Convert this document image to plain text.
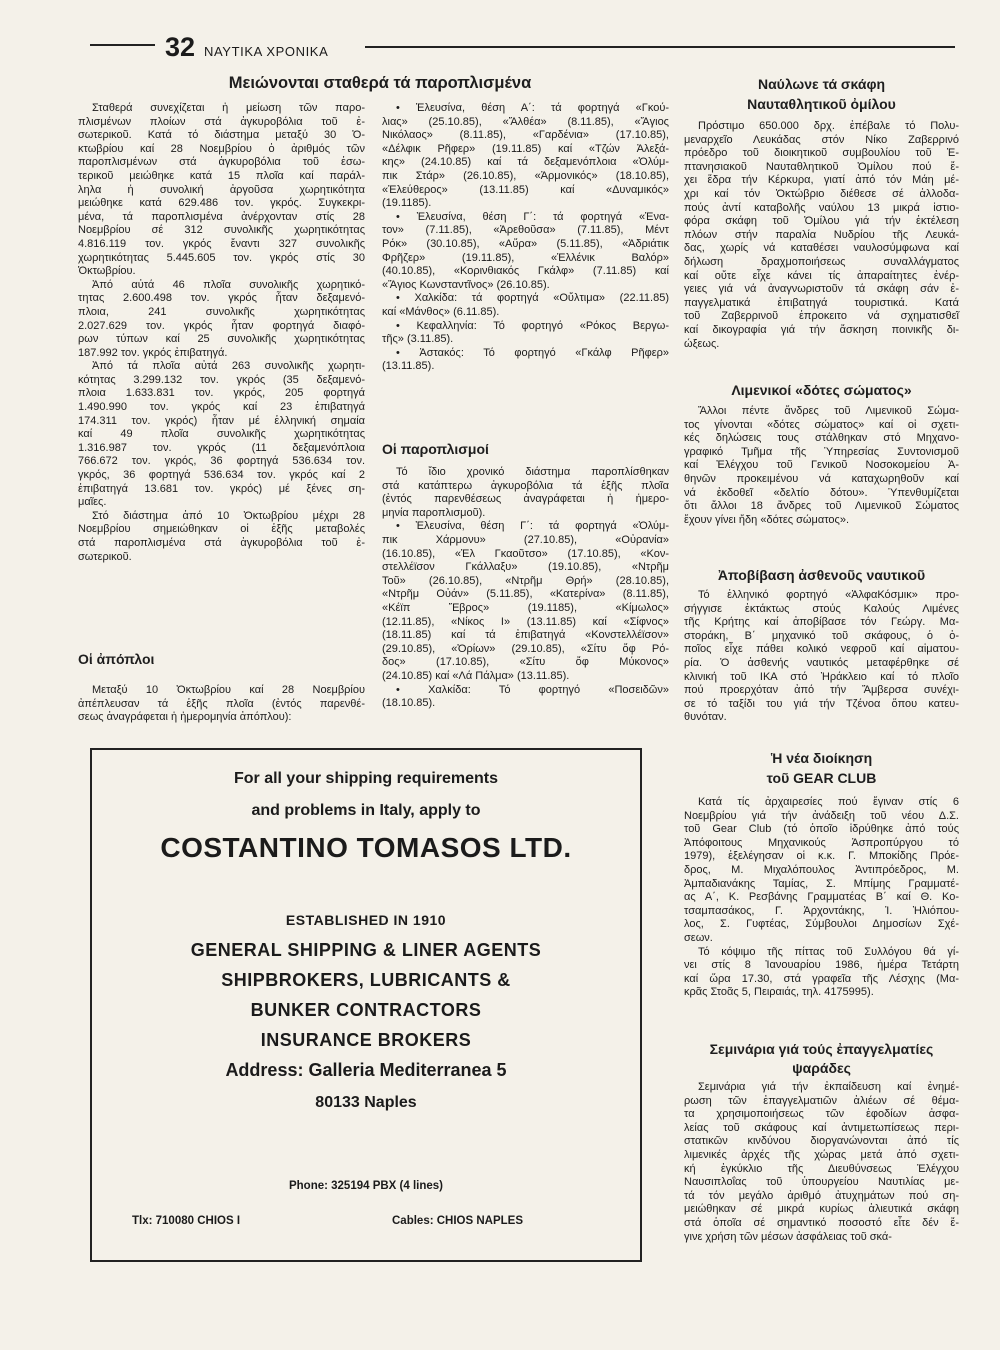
32 ΝΑΥΤΙΚΑ ΧΡΟΝΙΚΑ
Μειώνονται σταθερά τά παροπλισμένα
Σταθερά συνεχίζεται ἡ μείωση τῶν παρο-
πλισμένων πλοίων στά ἀγκυροβόλια τοῦ ἐ-
σωτερικοῦ. Κατά τό διάστημα μεταξύ 30 Ὀ-
κτωβρίου καί 28 Νοεμβρίου ὁ ἀριθμός τῶν
παροπλισμένων στά ἀγκυροβόλια τοῦ ἐσω-
τερικοῦ μειώθηκε κατά 15 πλοῖα καί παράλ-
ληλα ἡ συνολική ἀργοῦσα χωρητικότητα
μειώθηκε κατά 629.486 τον. γκρός. Συγκεκρι-
μένα, τά παροπλισμένα ἀνέρχονταν στίς 28
Νοεμβρίου σέ 312 συνολικῆς χωρητικότητας
4.816.119 τον. γκρός ἔναντι 327 συνολικῆς
χωρητικότητας 5.445.605 τον. γκρός στίς 30
Ὀκτωβρίου.
Ἀπό αὐτά 46 πλοῖα συνολικῆς χωρητικό-
τητας 2.600.498 τον. γκρός ἦταν δεξαμενό-
πλοια, 241 συνολικῆς χωρητικότητας
2.027.629 τον. γκρός ἦταν φορτηγά διαφό-
ρων τύπων καί 25 συνολικῆς χωρητικότητας
187.992 τον. γκρός ἐπιβατηγά.
Ἀπό τά πλοῖα αὐτά 263 συνολικῆς χωρητι-
κότητας 3.299.132 τον. γκρός (35 δεξαμενό-
πλοια 1.633.831 τον. γκρός, 205 φορτηγά
1.490.990 τον. γκρός καί 23 ἐπιβατηγά
174.311 τον. γκρός) ἦταν μέ ἑλληνική σημαία
καί 49 πλοῖα συνολικῆς χωρητικότητας
1.316.987 τον. γκρός (11 δεξαμενόπλοια
766.672 τον. γκρός, 36 φορτηγά 536.634 τον.
γκρός, 36 φορτηγά 536.634 τον. γκρός καί 2
ἐπιβατηγά 13.681 τον. γκρός) μέ ξένες ση-
μαῖες.
Στό διάστημα ἀπό 10 Ὀκτωβρίου μέχρι 28
Νοεμβρίου σημειώθηκαν οἱ ἑξῆς μεταβολές
στά παροπλισμένα στά ἀγκυροβόλια τοῦ ἐ-
σωτερικοῦ.
Οἱ ἀπόπλοι
Μεταξύ 10 Ὀκτωβρίου καί 28 Νοεμβρίου
ἀπέπλευσαν τά ἑξῆς πλοῖα (ἐντός παρενθέ-
σεως ἀναγράφεται ἡ ἡμερομηνία ἀπόπλου):
• Ἐλευσίνα, θέση Α΄: τά φορτηγά «Γκού-
λιας» (25.10.85), «Ἄλθέα» (8.11.85), «Ἅγιος
Νικόλαος» (8.11.85), «Γαρδένια» (17.10.85),
«Δέλφικ Ρῆφερ» (19.11.85) καί «Τζών Ἀλεξά-
κης» (24.10.85) καί τά δεξαμενόπλοια «Ὀλύμ-
πικ Στάρ» (26.10.85), «Ἁρμονικός» (18.10.85),
«Ἐλεύθερος» (13.11.85) καί «Δυναμικός»
(19.1185).
• Ἐλευσίνα, θέση Γ΄: τά φορτηγά «Ἐνα-
τον» (7.11.85), «Ἀρεθοῦσα» (7.11.85), Μέντ
Ρόκ» (30.10.85), «Αὔρα» (5.11.85), «Ἀδριάτικ
Φρῆζερ» (19.11.85), «Ἑλλένικ Βαλόρ»
(40.10.85), «Κορινθιακός Γκάλφ» (7.11.85) καί
«Ἅγιος Κωνσταντῖνος» (26.10.85).
• Χαλκίδα: τά φορτηγά «Οὔλτιμα» (22.11.85)
καί «Μάνθος» (6.11.85).
• Κεφαλληνία: Τό φορτηγό «Ρόκος Βεργω-
τῆς» (3.11.85).
• Ἀστακός: Τό φορτηγό «Γκάλφ Ρῆφερ»
(13.11.85).
Οἱ παροπλισμοί
Τό ἴδιο χρονικό διάστημα παροπλίσθηκαν
στά κατάπτερω ἀγκυροβόλια τά ἑξῆς πλοῖα
(ἐντός παρενθέσεως ἀναγράφεται ἡ ἡμερο-
μηνία παροπλισμοῦ).
• Ἐλευσίνα, θέση Γ΄: τά φορτηγά «Ὀλύμ-
πικ Χάρμονυ» (27.10.85), «Οὐρανία»
(16.10.85), «Ἐλ Γκαοῦτσο» (17.10.85), «Κον-
στελλέϊσον Γκάλλαξυ» (19.10.85), «Ντρῆμ
Τοῦ» (26.10.85), «Ντρῆμ Θρή» (28.10.85),
«Ντρῆμ Οὐάν» (5.11.85), «Κατερίνα» (8.11.85),
«Κέϊπ Ἔβρος» (19.1185), «Κίμωλος»
(12.11.85), «Νίκος Ι» (13.11.85) καί «Σίφνος»
(18.11.85) καί τά ἐπιβατηγά «Κονστελλέϊσον»
(29.10.85), «Ὀρίων» (29.10.85), «Σίτυ ὄφ Ρό-
δος» (17.10.85), «Σίτυ ὄφ Μύκονος»
(24.10.85) καί «Λά Πάλμα» (13.11.85).
• Χαλκίδα: Τό φορτηγό «Ποσειδῶν»
(18.10.85).
Ναύλωνε τά σκάφη
Ναυταθλητικοῦ ὀμίλου
Πρόστιμο 650.000 δρχ. ἐπέβαλε τό Πολυ-
μεναρχεῖο Λευκάδας στόν Νίκο Ζαβερρινό
πρόεδρο τοῦ διοικητικοῦ συμβουλίου τοῦ Ἐ-
πτανησιακοῦ Ναυταθλητικοῦ Ὀμίλου πού ἔ-
χει ἕδρα τήν Κέρκυρα, γιατί ἀπό τόν Μάη μέ-
χρι καί τόν Ὀκτώβριο διέθεσε σέ ἀλλοδα-
πούς ἀντί καταβολῆς ναύλου 13 μικρά ἱστιο-
φόρα σκάφη τοῦ Ὀμίλου γιά τήν ἐκτέλεση
πλόων στήν παραλία Νυδρίου τῆς Λευκά-
δας, χωρίς νά καταθέσει ναυλοσύμφωνα καί
δήλωση δραχμοποιήσεως συναλλάγματος
καί οὔτε εἶχε κάνει τίς ἀπαραίτητες ἐνέρ-
γειες γιά νά ἀναγνωριστοῦν τά σκάφη σάν ἐ-
παγγελματικά ἐπιβατηγά τουριστικά. Κατά
τοῦ Ζαβερρινοῦ ἐπροκειτο νά σχηματισθεῖ
καί δικογραφία γιά τήν ἄσκηση ποινικῆς δι-
ώξεως.
Λιμενικοί «δότες σώματος»
Ἄλλοι πέντε ἄνδρες τοῦ Λιμενικοῦ Σώμα-
τος γίνονται «δότες σώματος» καί οἱ σχετι-
κές δηλώσεις τους στάλθηκαν στό Μηχανο-
γραφικό Τμῆμα τῆς Ὑπηρεσίας Συντονισμοῦ
καί Ἐλέγχου τοῦ Γενικοῦ Νοσοκομείου Ἀ-
θηνῶν προκειμένου νά καταχωρηθοῦν καί
νά ἐκδοθεῖ «δελτίο δότου». Ὑπενθυμίζεται
ὅτι ἄλλοι 18 ἄνδρες τοῦ Λιμενικοῦ Σώματος
ἔχουν γίνει ἤδη «δότες σώματος».
Ἀποβίβαση ἀσθενοῦς ναυτικοῦ
Τό ἑλληνικό φορτηγό «ἈλφαΚόσμικ» προ-
σήγγισε ἐκτάκτως στούς Καλούς Λιμένες
τῆς Κρήτης καί ἀποβίβασε τόν Γεώργ. Μα-
στοράκη, Β΄ μηχανικό τοῦ σκάφους, ὁ ὁ-
ποῖος εἶχε πάθει κολικό νεφροῦ καί αἱματου-
ρία. Ὁ ἀσθενής ναυτικός μεταφέρθηκε σέ
κλινική τοῦ ΙΚΑ στό Ἡράκλειο καί τό πλοῖο
πού προερχόταν ἀπό τήν Ἄμβερσα συνέχι-
σε τό ταξίδι του γιά τήν Τζένοα ὅπου κατευ-
θυνόταν.
Ἡ νέα διοίκηση
τοῦ GEAR CLUB
Κατά τίς ἀρχαιρεσίες πού ἔγιναν στίς 6
Νοεμβρίου γιά τήν ἀνάδειξη τοῦ νέου Δ.Σ.
τοῦ Gear Club (τό ὁποῖο ἱδρύθηκε ἀπό τούς
Ἀπόφοιτους Μηχανικούς Ἀσπροπύργου τό
1979), ἐξελέγησαν οἱ κ.κ. Γ. Μποκίδης Πρόε-
δρος, Μ. Μιχαλόπουλος Ἀντιπρόεδρος, Μ.
Ἀμπαδιανάκης Ταμίας, Σ. Μπίμης Γραμματέ-
ας Α΄, Κ. Ρεσβάνης Γραμματέας Β΄ καί Θ. Κο-
τσαμπασάκος, Γ. Ἀρχοντάκης, Ἰ. Ἡλιόπου-
λος, Σ. Γυφτέας, Σύμβουλοι Δημοσίων Σχέ-
σεων.
Τό κόψιμο τῆς πίττας τοῦ Συλλόγου θά γί-
νει στίς 8 Ἰανουαρίου 1986, ἡμέρα Τετάρτη
καί ὥρα 17.30, στά γραφεῖα τῆς Λέσχης (Μα-
κρᾶς Στοᾶς 5, Πειραιάς, τηλ. 4175995).
Σεμινάρια γιά τούς ἐπαγγελματίες
ψαράδες
Σεμινάρια γιά τήν ἐκπαίδευση καί ἐνημέ-
ρωση τῶν ἐπαγγελματιῶν ἁλιέων σέ θέμα-
τα χρησιμοποιήσεως τῶν ἐφοδίων ἀσφα-
λείας τοῦ σκάφους καί ἀντιμετωπίσεως περι-
στατικῶν κινδύνου διοργανώνονται ἀπό τίς
λιμενικές ἀρχές τῆς χώρας μετά ἀπό σχετι-
κή ἐγκύκλιο τῆς Διευθύνσεως Ἐλέγχου
Ναυσιπλοΐας τοῦ ὑπουργείου Ναυτιλίας με-
τά τόν μεγάλο ἀριθμό ἀτυχημάτων πού ση-
μειώθηκαν σέ μικρά κυρίως ἁλιευτικά σκάφη
στά ὁποῖα σέ σημαντικό ποσοστό εἶτε δέν ἔ-
γινε χρήση τῶν μέσων ἀσφάλειας τοῦ σκά-
For all your shipping requirements
and problems in Italy, apply to
COSTANTINO TOMASOS LTD.
ESTABLISHED IN 1910
GENERAL SHIPPING & LINER AGENTS
SHIPBROKERS, LUBRICANTS &
BUNKER CONTRACTORS
INSURANCE BROKERS
Address: Galleria Mediterranea 5
80133 Naples
Phone: 325194 PBX (4 lines)
Tlx: 710080 CHIOS I	Cables: CHIOS NAPLES
